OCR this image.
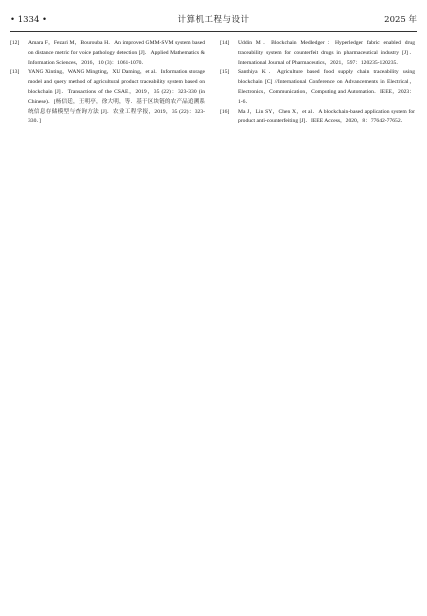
• 1334 •	计算机工程与设计	2025 年
[12] Amara F，Fezari M，Bourouba H．An improved GMM-SVM system based on distance metric for voice pathology detection [J]．Applied Mathematics & Information Sciences，2016，10 (3)：1061-1070．
[13] YANG Xinting，WANG Mingting，XU Daming，et al．Information storage model and query method of agricultural product traceability system based on blockchain [J]．Transactions of the CSAE，2019，35 (22)：323-330 (in Chinese)．[杨信廷，王明亭，徐大明，等．基于区块链的农产品追溯系统信息存储模型与查询方法 [J]．农业工程学报，2019，35 (22)：323-330．]
[14] Uddin M．Blockchain Medledger：Hyperledger fabric enabled drug traceability system for counterfeit drugs in pharmaceutical industry [J]．International Journal of Pharmaceutics，2021，597：120235-120235．
[15] Santhiya K．Agriculture based food supply chain traceability using blockchain [C] //International Conference on Advancements in Electrical，Electronics，Communication，Computing and Automation．IEEE，2023：1-6．
[16] Ma J，Lin SY，Chen X，et al．A blockchain-based application system for product anti-counterfeiting [J]．IEEE Access，2020，8：77642-77652．
